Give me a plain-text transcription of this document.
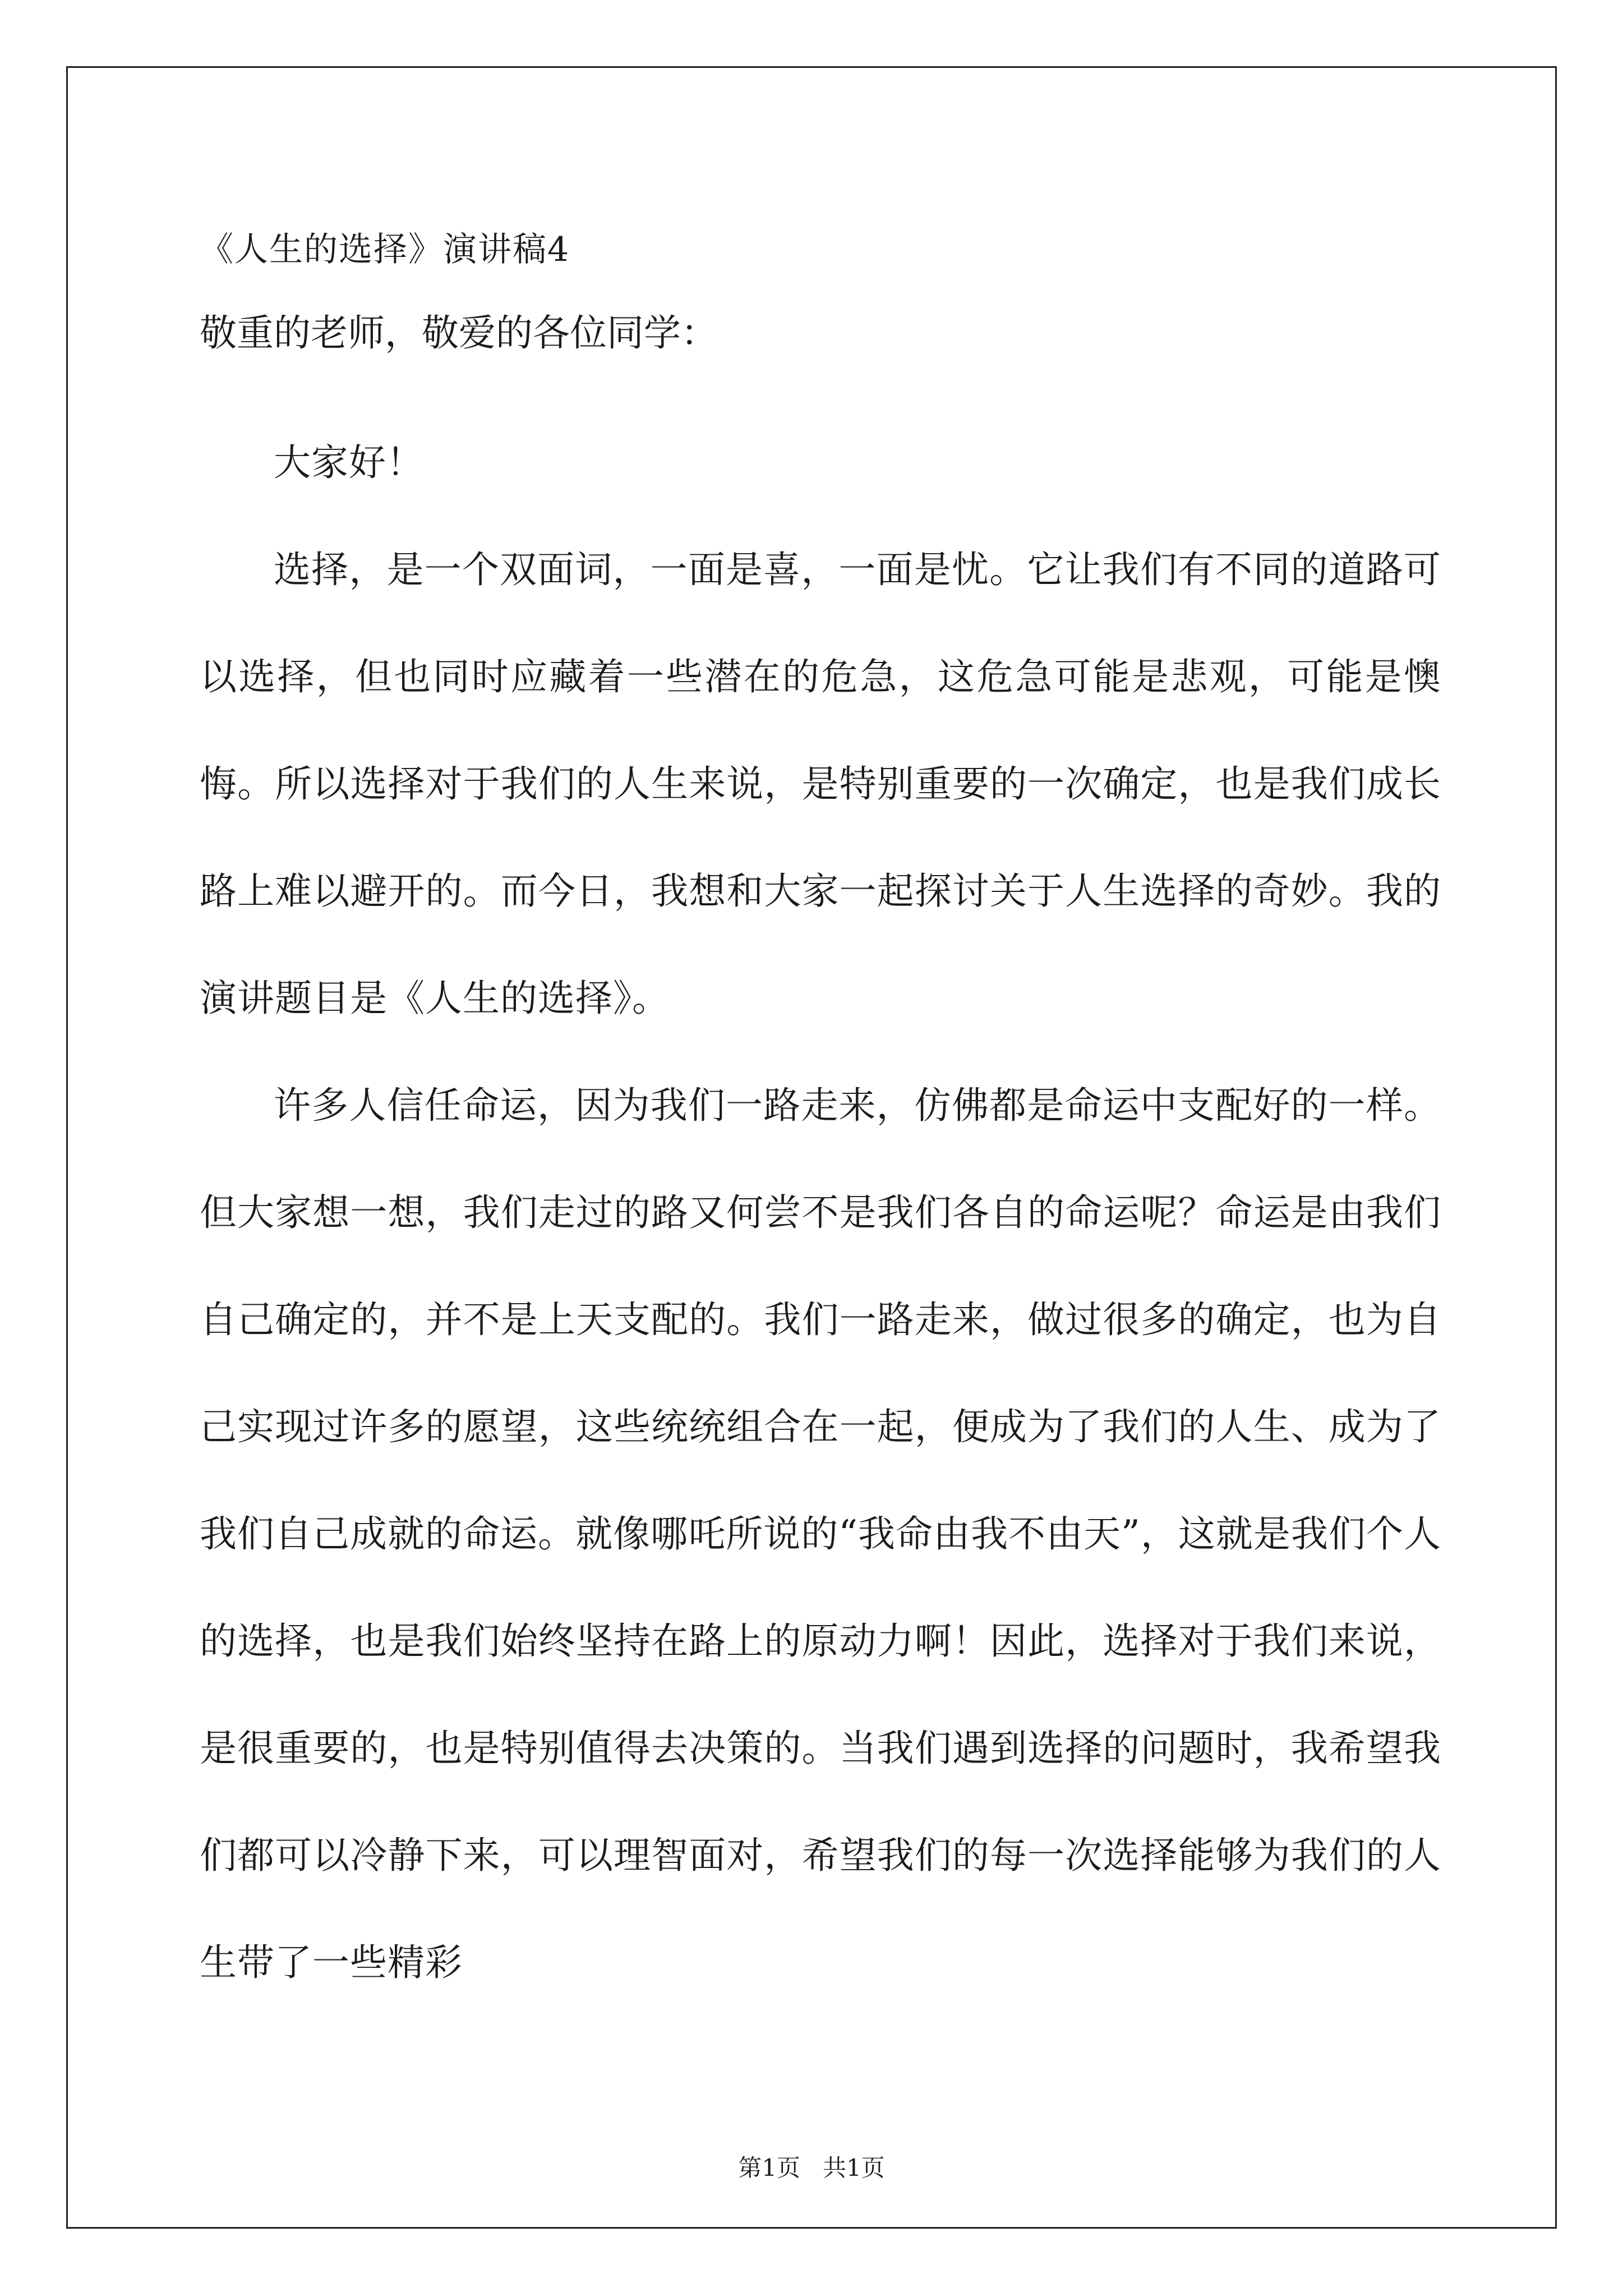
《人生的选择》演讲稿4

敬重的老师，敬爱的各位同学：

大家好！

选择，是一个双面词，一面是喜，一面是忧。它让我们有不同的道路可以选择，但也同时应藏着一些潜在的危急，这危急可能是悲观，可能是懊悔。所以选择对于我们的人生来说，是特别重要的一次确定，也是我们成长路上难以避开的。而今日，我想和大家一起探讨关于人生选择的奇妙。我的演讲题目是《人生的选择》。

许多人信任命运，因为我们一路走来，仿佛都是命运中支配好的一样。但大家想一想，我们走过的路又何尝不是我们各自的命运呢？命运是由我们自己确定的，并不是上天支配的。我们一路走来，做过很多的确定，也为自己实现过许多的愿望，这些统统组合在一起，便成为了我们的人生、成为了我们自己成就的命运。就像哪吒所说的“我命由我不由天”，这就是我们个人的选择，也是我们始终坚持在路上的原动力啊！因此，选择对于我们来说，是很重要的，也是特别值得去决策的。当我们遇到选择的问题时，我希望我们都可以冷静下来，可以理智面对，希望我们的每一次选择能够为我们的人生带了一些精彩

第1页   共1页
